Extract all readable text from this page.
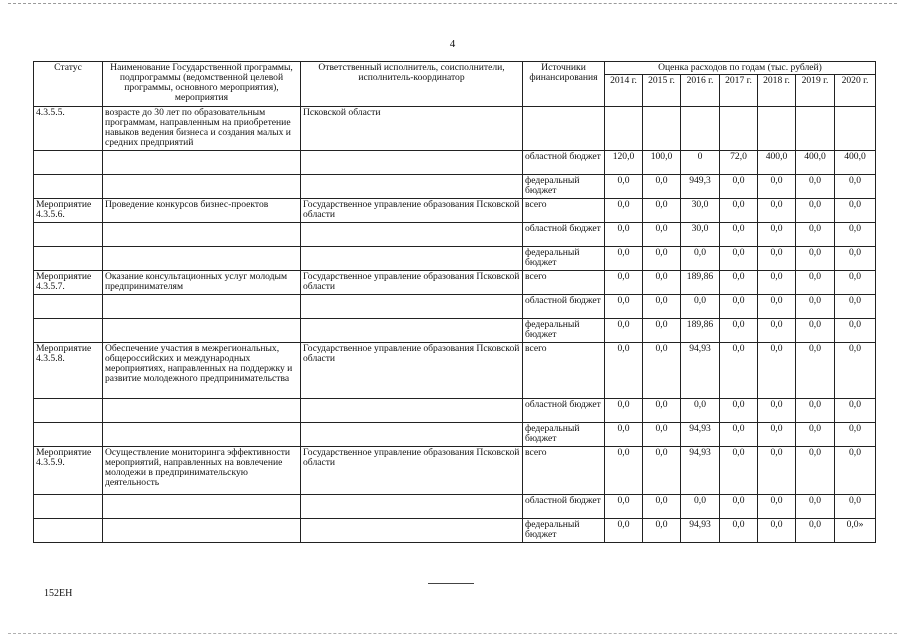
4
Статус	Наименование Государственной программы, подпрограммы (ведомственной целевой программы, основного мероприятия), мероприятия	Ответственный исполнитель, соисполнители, исполнитель-координатор	Источники финансирования	Оценка расходов по годам (тыс. рублей)						
				2014 г.	2015 г.	2016 г.	2017 г.	2018 г.	2019 г.	2020 г.
4.3.5.5.	возрасте до 30 лет по образовательным программам, направленным на приобретение навыков ведения бизнеса и создания малых и средних предприятий	Псковской области								
			областной бюджет	120,0	100,0	0	72,0	400,0	400,0	400,0
			федеральный бюджет	0,0	0,0	949,3	0,0	0,0	0,0	0,0
Мероприятие 4.3.5.6.	Проведение конкурсов бизнес-проектов	Государственное управление образования Псковской области	всего	0,0	0,0	30,0	0,0	0,0	0,0	0,0
			областной бюджет	0,0	0,0	30,0	0,0	0,0	0,0	0,0
			федеральный бюджет	0,0	0,0	0,0	0,0	0,0	0,0	0,0
Мероприятие 4.3.5.7.	Оказание консультационных услуг молодым предпринимателям	Государственное управление образования Псковской области	всего	0,0	0,0	189,86	0,0	0,0	0,0	0,0
			областной бюджет	0,0	0,0	0,0	0,0	0,0	0,0	0,0
			федеральный бюджет	0,0	0,0	189,86	0,0	0,0	0,0	0,0
Мероприятие 4.3.5.8.	Обеспечение участия в межрегиональных, общероссийских и международных мероприятиях, направленных на поддержку и развитие молодежного предпринимательства	Государственное управление образования Псковской области	всего	0,0	0,0	94,93	0,0	0,0	0,0	0,0
			областной бюджет	0,0	0,0	0,0	0,0	0,0	0,0	0,0
			федеральный бюджет	0,0	0,0	94,93	0,0	0,0	0,0	0,0
Мероприятие 4.3.5.9.	Осуществление мониторинга эффективности мероприятий, направленных на вовлечение молодежи в предпринимательскую деятельность	Государственное управление образования Псковской области	всего	0,0	0,0	94,93	0,0	0,0	0,0	0,0
			областной бюджет	0,0	0,0	0,0	0,0	0,0	0,0	0,0
			федеральный бюджет	0,0	0,0	94,93	0,0	0,0	0,0	0,0»
152ЕН
